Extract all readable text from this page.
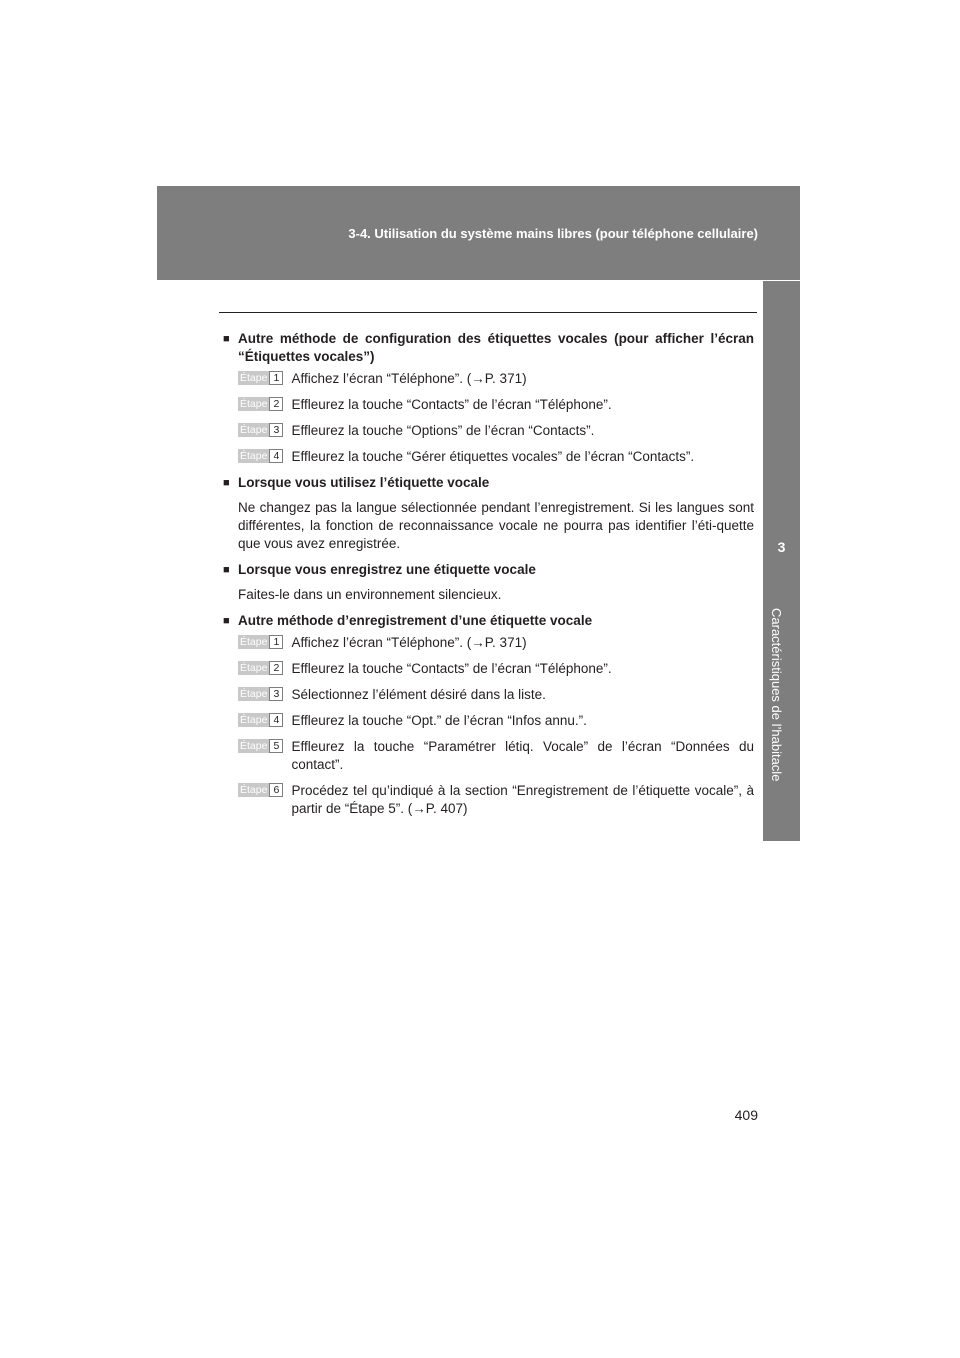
3-4. Utilisation du système mains libres (pour téléphone cellulaire)
3
Caractéristiques de l’habitacle
■ Autre méthode de configuration des étiquettes vocales (pour afficher l’écran “Étiquettes vocales”)
Étape 1 Affichez l’écran “Téléphone”. (→P. 371)
Étape 2 Effleurez la touche “Contacts” de l’écran “Téléphone”.
Étape 3 Effleurez la touche “Options” de l’écran “Contacts”.
Étape 4 Effleurez la touche “Gérer étiquettes vocales” de l’écran “Contacts”.
■ Lorsque vous utilisez l’étiquette vocale
Ne changez pas la langue sélectionnée pendant l’enregistrement. Si les langues sont différentes, la fonction de reconnaissance vocale ne pourra pas identifier l’éti-quette que vous avez enregistrée.
■ Lorsque vous enregistrez une étiquette vocale
Faites-le dans un environnement silencieux.
■ Autre méthode d’enregistrement d’une étiquette vocale
Étape 1 Affichez l’écran “Téléphone”. (→P. 371)
Étape 2 Effleurez la touche “Contacts” de l’écran “Téléphone”.
Étape 3 Sélectionnez l’élément désiré dans la liste.
Étape 4 Effleurez la touche “Opt.” de l’écran “Infos annu.”.
Étape 5 Effleurez la touche “Paramétrer létiq. Vocale” de l’écran “Données du contact”.
Étape 6 Procédez tel qu’indiqué à la section “Enregistrement de l’étiquette vocale”, à partir de “Étape 5”. (→P. 407)
409
